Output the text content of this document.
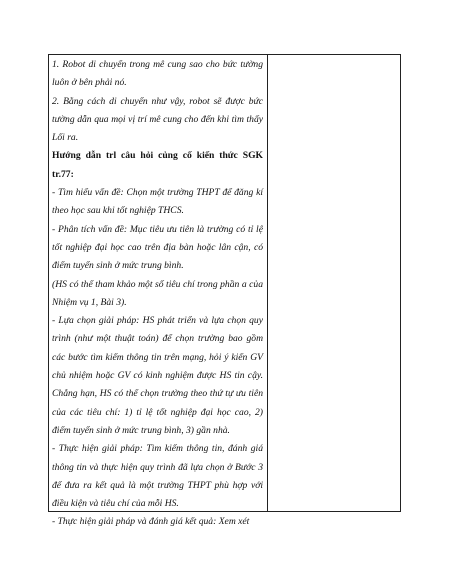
1. Robot di chuyển trong mê cung sao cho bức tường luôn ở bên phải nó.

2. Bằng cách di chuyển như vậy, robot sẽ được bức tường dẫn qua mọi vị trí mê cung cho đến khi tìm thấy Lối ra.

Hướng dẫn trl câu hỏi củng cố kiến thức SGK tr.77:

- Tìm hiểu vấn đề: Chọn một trường THPT để đăng kí theo học sau khi tốt nghiệp THCS.

- Phân tích vấn đề: Mục tiêu ưu tiên là trường có tỉ lệ tốt nghiệp đại học cao trên địa bàn hoặc lân cận, có điểm tuyển sinh ở mức trung bình.

(HS có thể tham khảo một số tiêu chí trong phần a của Nhiệm vụ 1, Bài 3).

- Lựa chọn giải pháp: HS phát triển và lựa chọn quy trình (như một thuật toán) để chọn trường bao gồm các bước tìm kiếm thông tin trên mạng, hỏi ý kiến GV chủ nhiệm hoặc GV có kinh nghiệm được HS tin cậy. Chẳng hạn, HS có thể chọn trường theo thứ tự ưu tiên của các tiêu chí: 1) tỉ lệ tốt nghiệp đại học cao, 2) điểm tuyển sinh ở mức trung bình, 3) gần nhà.

- Thực hiện giải pháp: Tìm kiếm thông tin, đánh giá thông tin và thực hiện quy trình đã lựa chọn ở Bước 3 để đưa ra kết quả là một trường THPT phù hợp với điều kiện và tiêu chí của mỗi HS.

- Thực hiện giải pháp và đánh giá kết quả: Xem xét
